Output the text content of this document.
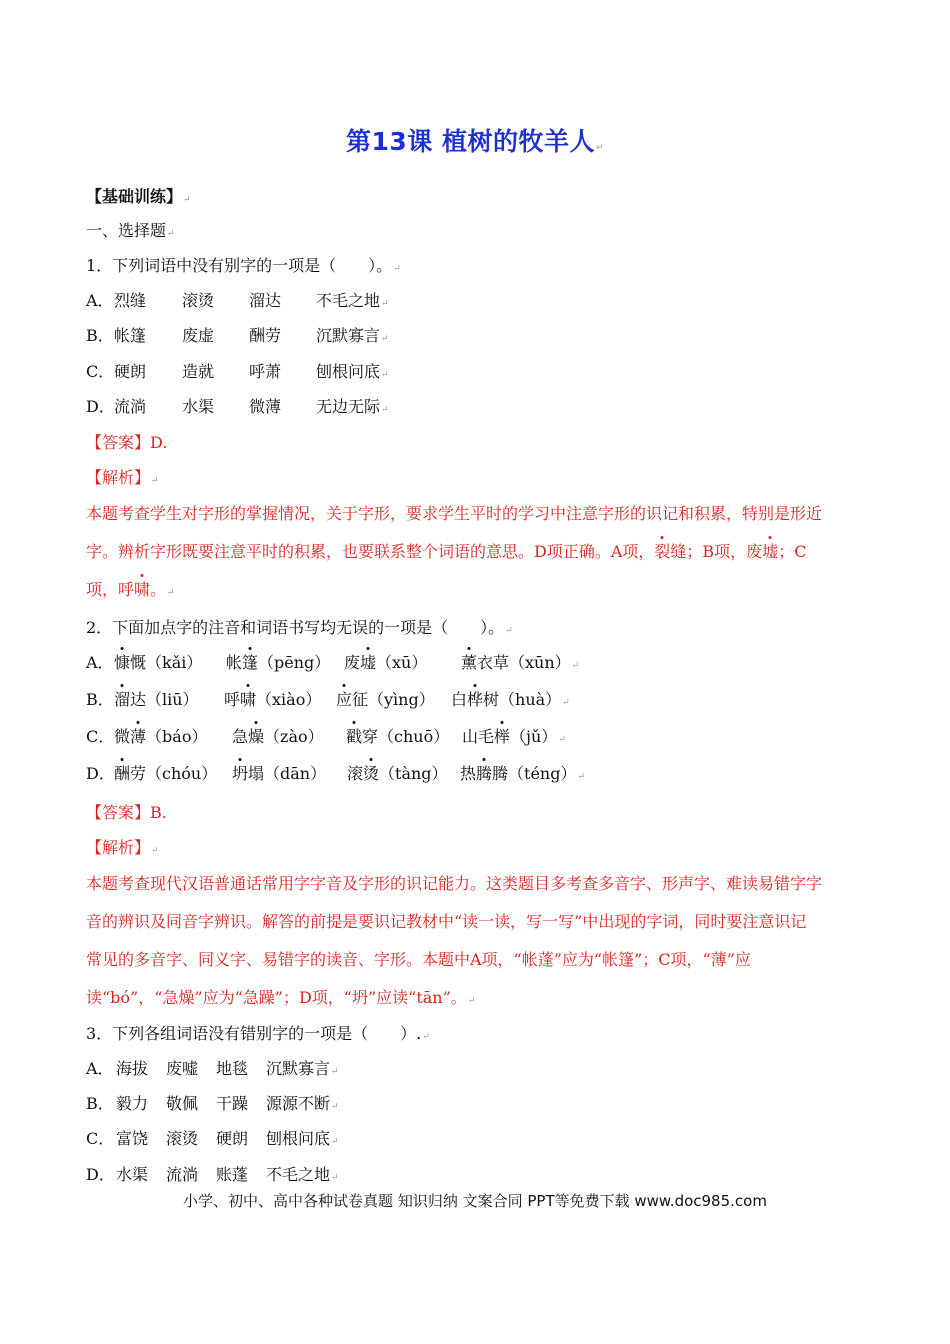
第13课 植树的牧羊人↵
【基础训练】↵
一、选择题↵
1．下列词语中没有别字的一项是（　　）。↵
A． 烈缝 滚烫 溜达 不毛之地↵
B． 帐篷 废虚 酬劳 沉默寡言↵
C． 硬朗 造就 呼萧 刨根问底↵
D． 流淌 水渠 微薄 无边无际↵
【答案】D.
【解析】↵
本题考查学生对字形的掌握情况，关于字形，要求学生平时的学习中注意字形的识记和积累，特别是形近
字。辨析字形既要注意平时的积累，也要联系整个词语的意思。D项正确。A项，裂缝；B项，废墟；C
项，呼啸。↵
2．下面加点字的注音和词语书写均无误的一项是（　　）。↵
A． 慷慨（kǎi） 帐篷（pēng） 废墟（xū） 薰衣草（xūn）↵
B． 溜达（liū） 呼啸（xiào） 应征（yìng） 白桦树（huà）↵
C． 微薄（báo） 急燥（zào） 戳穿（chuō） 山毛榉（jǔ）↵
D． 酬劳（chóu） 坍塌（dān） 滚烫（tàng） 热腾腾（téng）↵
【答案】B.
【解析】↵
本题考查现代汉语普通话常用字字音及字形的识记能力。这类题目多考查多音字、形声字、难读易错字字
音的辨识及同音字辨识。解答的前提是要识记教材中“读一读，写一写”中出现的字词，同时要注意识记
常见的多音字、同义字、易错字的读音、字形。本题中A项，“帐蓬”应为“帐篷”；C项，“薄”应
读“bó”，“急燥”应为“急躁”；D项，“坍”应读“tān”。↵
3．下列各组词语没有错别字的一项是（　　）.↵
A． 海拔 废嘘 地毯 沉默寡言↵
B． 毅力 敬佩 干躁 源源不断↵
C． 富饶 滚烫 硬朗 刨根问底↵
D． 水渠 流淌 账蓬 不毛之地↵
小学、初中、高中各种试卷真题 知识归纳 文案合同 PPT等免费下载 www.doc985.com
